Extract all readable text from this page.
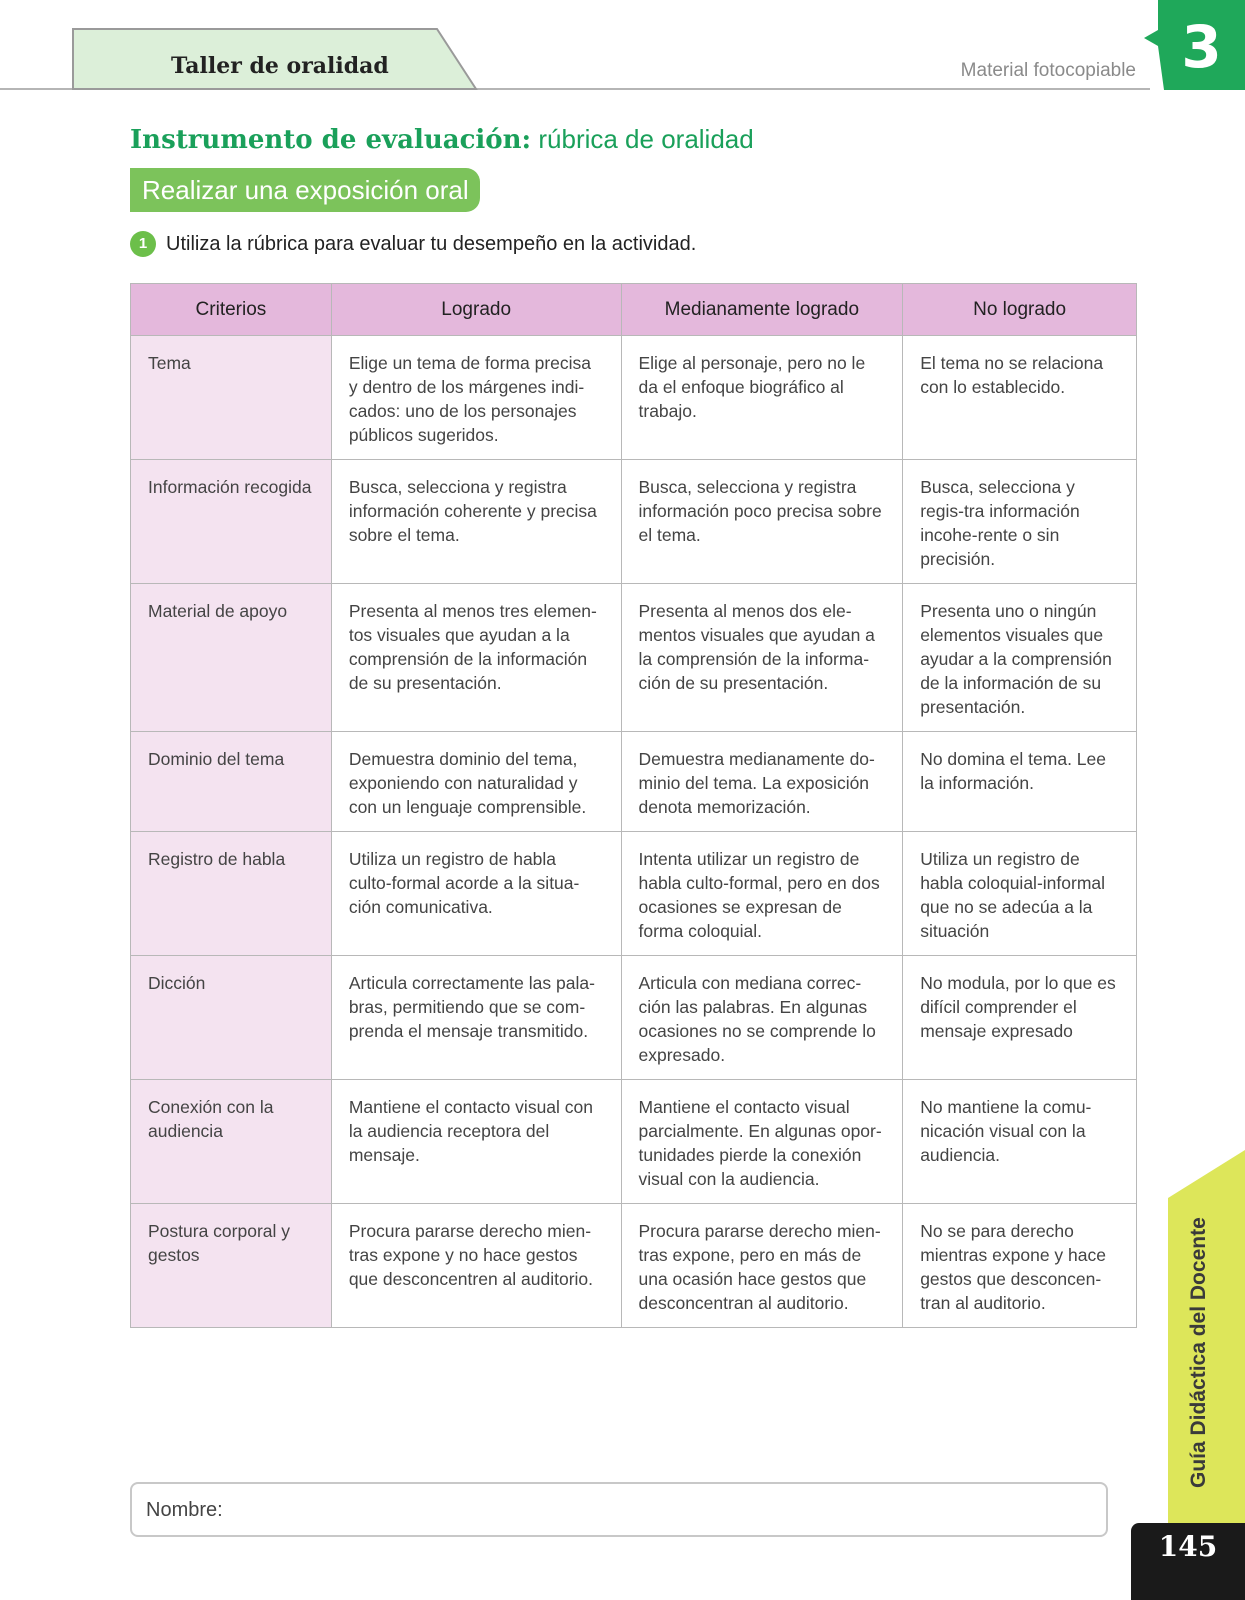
Taller de oralidad	Material fotocopiable 3
Instrumento de evaluación: rúbrica de oralidad
Realizar una exposición oral
1 Utiliza la rúbrica para evaluar tu desempeño en la actividad.
Criterios	Logrado	Medianamente logrado	No logrado
Tema	Elige un tema de forma precisa y dentro de los márgenes indi-cados: uno de los personajes públicos sugeridos.	Elige al personaje, pero no le da el enfoque biográfico al trabajo.	El tema no se relaciona con lo establecido.
Información recogida	Busca, selecciona y registra información coherente y precisa sobre el tema.	Busca, selecciona y registra información poco precisa sobre el tema.	Busca, selecciona y regis-tra información incohe-rente o sin precisión.
Material de apoyo	Presenta al menos tres elemen-tos visuales que ayudan a la comprensión de la información de su presentación.	Presenta al menos dos ele-mentos visuales que ayudan a la comprensión de la informa-ción de su presentación.	Presenta uno o ningún elementos visuales que ayudar a la comprensión de la información de su presentación.
Dominio del tema	Demuestra dominio del tema, exponiendo con naturalidad y con un lenguaje comprensible.	Demuestra medianamente do-minio del tema. La exposición denota memorización.	No domina el tema. Lee la información.
Registro de habla	Utiliza un registro de habla culto-formal acorde a la situa-ción comunicativa.	Intenta utilizar un registro de habla culto-formal, pero en dos ocasiones se expresan de forma coloquial.	Utiliza un registro de habla coloquial-informal que no se adecúa a la situación
Dicción	Articula correctamente las pala-bras, permitiendo que se com-prenda el mensaje transmitido.	Articula con mediana correc-ción las palabras. En algunas ocasiones no se comprende lo expresado.	No modula, por lo que es difícil comprender el mensaje expresado
Conexión con la audiencia	Mantiene el contacto visual con la audiencia receptora del mensaje.	Mantiene el contacto visual parcialmente. En algunas opor-tunidades pierde la conexión visual con la audiencia.	No mantiene la comu-nicación visual con la audiencia.
Postura corporal y gestos	Procura pararse derecho mien-tras expone y no hace gestos que desconcentren al auditorio.	Procura pararse derecho mien-tras expone, pero en más de una ocasión hace gestos que desconcentran al auditorio.	No se para derecho mientras expone y hace gestos que desconcen-tran al auditorio.
Nombre:
Guía Didáctica del Docente
145
